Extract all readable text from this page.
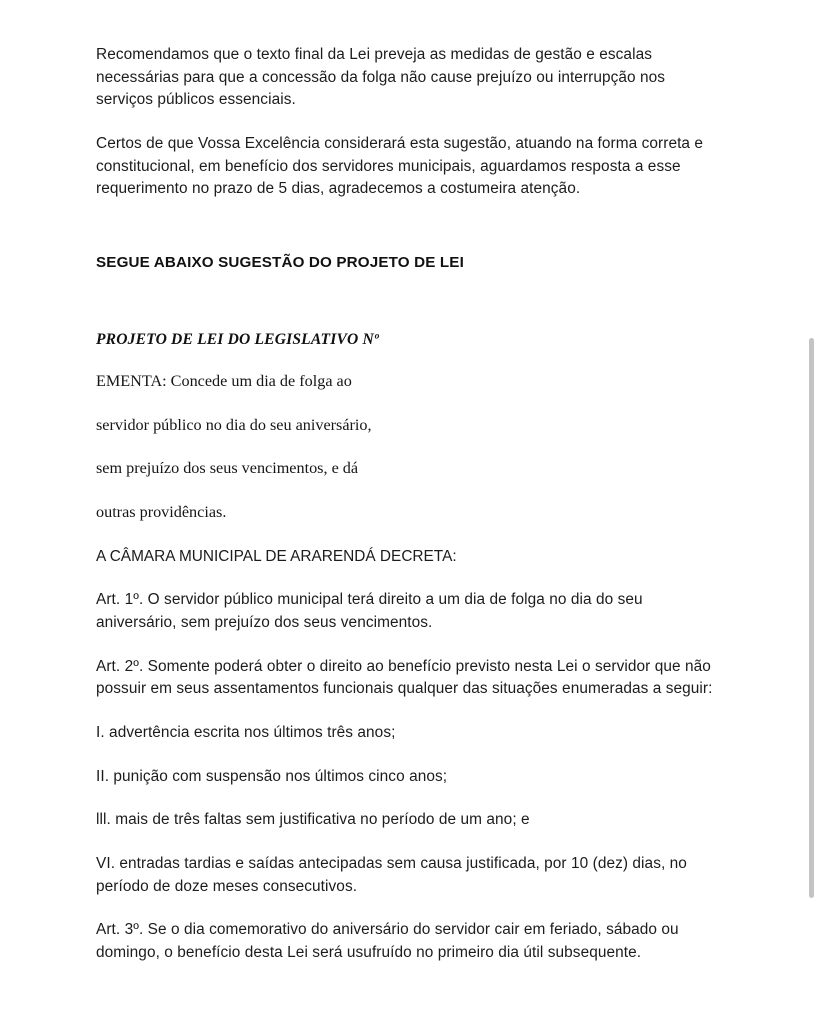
Recomendamos que o texto final da Lei preveja as medidas de gestão e escalas necessárias para que a concessão da folga não cause prejuízo ou interrupção nos serviços públicos essenciais.

Certos de que Vossa Excelência considerará esta sugestão, atuando na forma correta e constitucional, em benefício dos servidores municipais, aguardamos resposta a esse requerimento no prazo de 5 dias, agradecemos a costumeira atenção.

SEGUE ABAIXO SUGESTÃO DO PROJETO DE LEI

PROJETO DE LEI DO LEGISLATIVO Nº

EMENTA: Concede um dia de folga ao

servidor público no dia do seu aniversário,

sem prejuízo dos seus vencimentos, e dá

outras providências.

A CÂMARA MUNICIPAL DE ARARENDÁ DECRETA:

Art. 1º. O servidor público municipal terá direito a um dia de folga no dia do seu aniversário, sem prejuízo dos seus vencimentos.

Art. 2º. Somente poderá obter o direito ao benefício previsto nesta Lei o servidor que não possuir em seus assentamentos funcionais qualquer das situações enumeradas a seguir:

I. advertência escrita nos últimos três anos;

II. punição com suspensão nos últimos cinco anos;

lll. mais de três faltas sem justificativa no período de um ano; e

VI. entradas tardias e saídas antecipadas sem causa justificada, por 10 (dez) dias, no período de doze meses consecutivos.

Art. 3º. Se o dia comemorativo do aniversário do servidor cair em feriado, sábado ou domingo, o benefício desta Lei será usufruído no primeiro dia útil subsequente.
